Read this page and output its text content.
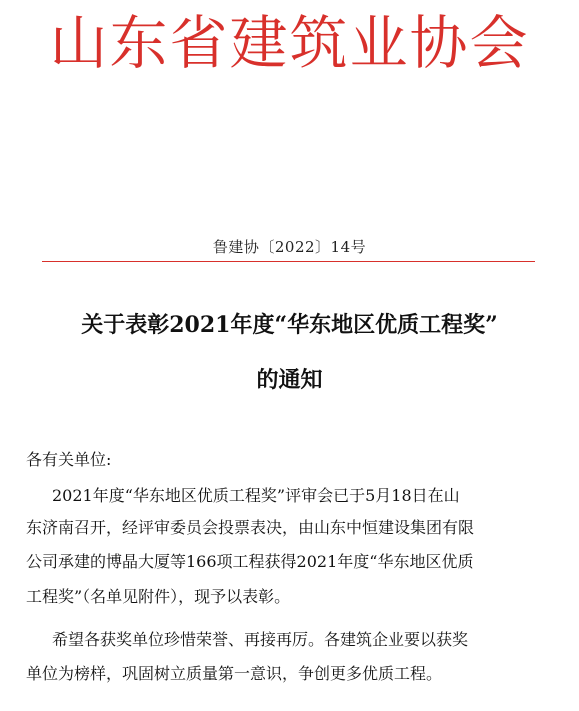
山东省建筑业协会
鲁建协〔2022〕14号
关于表彰2021年度“华东地区优质工程奖”
的通知
各有关单位:
2021年度“华东地区优质工程奖”评审会已于5月18日在山
东济南召开，经评审委员会投票表决，由山东中恒建设集团有限
公司承建的博晶大厦等166项工程获得2021年度“华东地区优质
工程奖”（名单见附件），现予以表彰。
希望各获奖单位珍惜荣誉、再接再厉。各建筑企业要以获奖
单位为榜样，巩固树立质量第一意识，争创更多优质工程。
